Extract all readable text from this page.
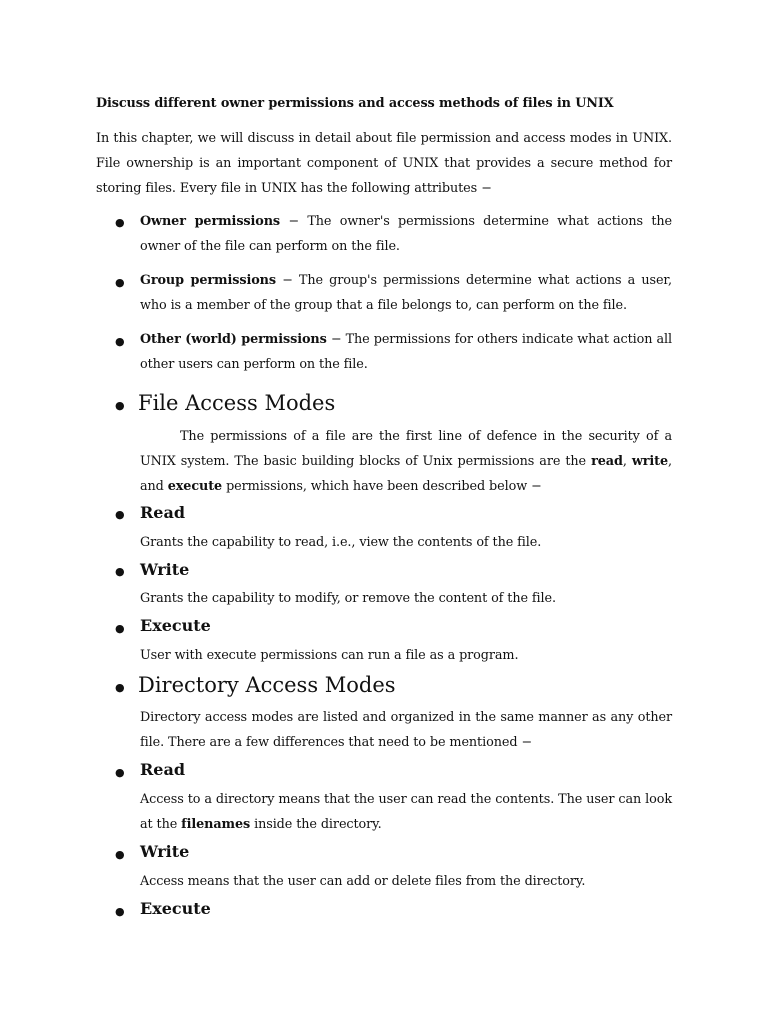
Discuss different owner permissions and access methods of files in UNIX
In this chapter, we will discuss in detail about file permission and access modes in UNIX. File ownership is an important component of UNIX that provides a secure method for storing files. Every file in UNIX has the following attributes −
● Owner permissions − The owner's permissions determine what actions the owner of the file can perform on the file.
● Group permissions − The group's permissions determine what actions a user, who is a member of the group that a file belongs to, can perform on the file.
● Other (world) permissions − The permissions for others indicate what action all other users can perform on the file.
● File Access Modes
The permissions of a file are the first line of defence in the security of a UNIX system. The basic building blocks of Unix permissions are the read, write, and execute permissions, which have been described below −
● Read
Grants the capability to read, i.e., view the contents of the file.
● Write
Grants the capability to modify, or remove the content of the file.
● Execute
User with execute permissions can run a file as a program.
● Directory Access Modes
Directory access modes are listed and organized in the same manner as any other file. There are a few differences that need to be mentioned −
● Read
Access to a directory means that the user can read the contents. The user can look at the filenames inside the directory.
● Write
Access means that the user can add or delete files from the directory.
● Execute
